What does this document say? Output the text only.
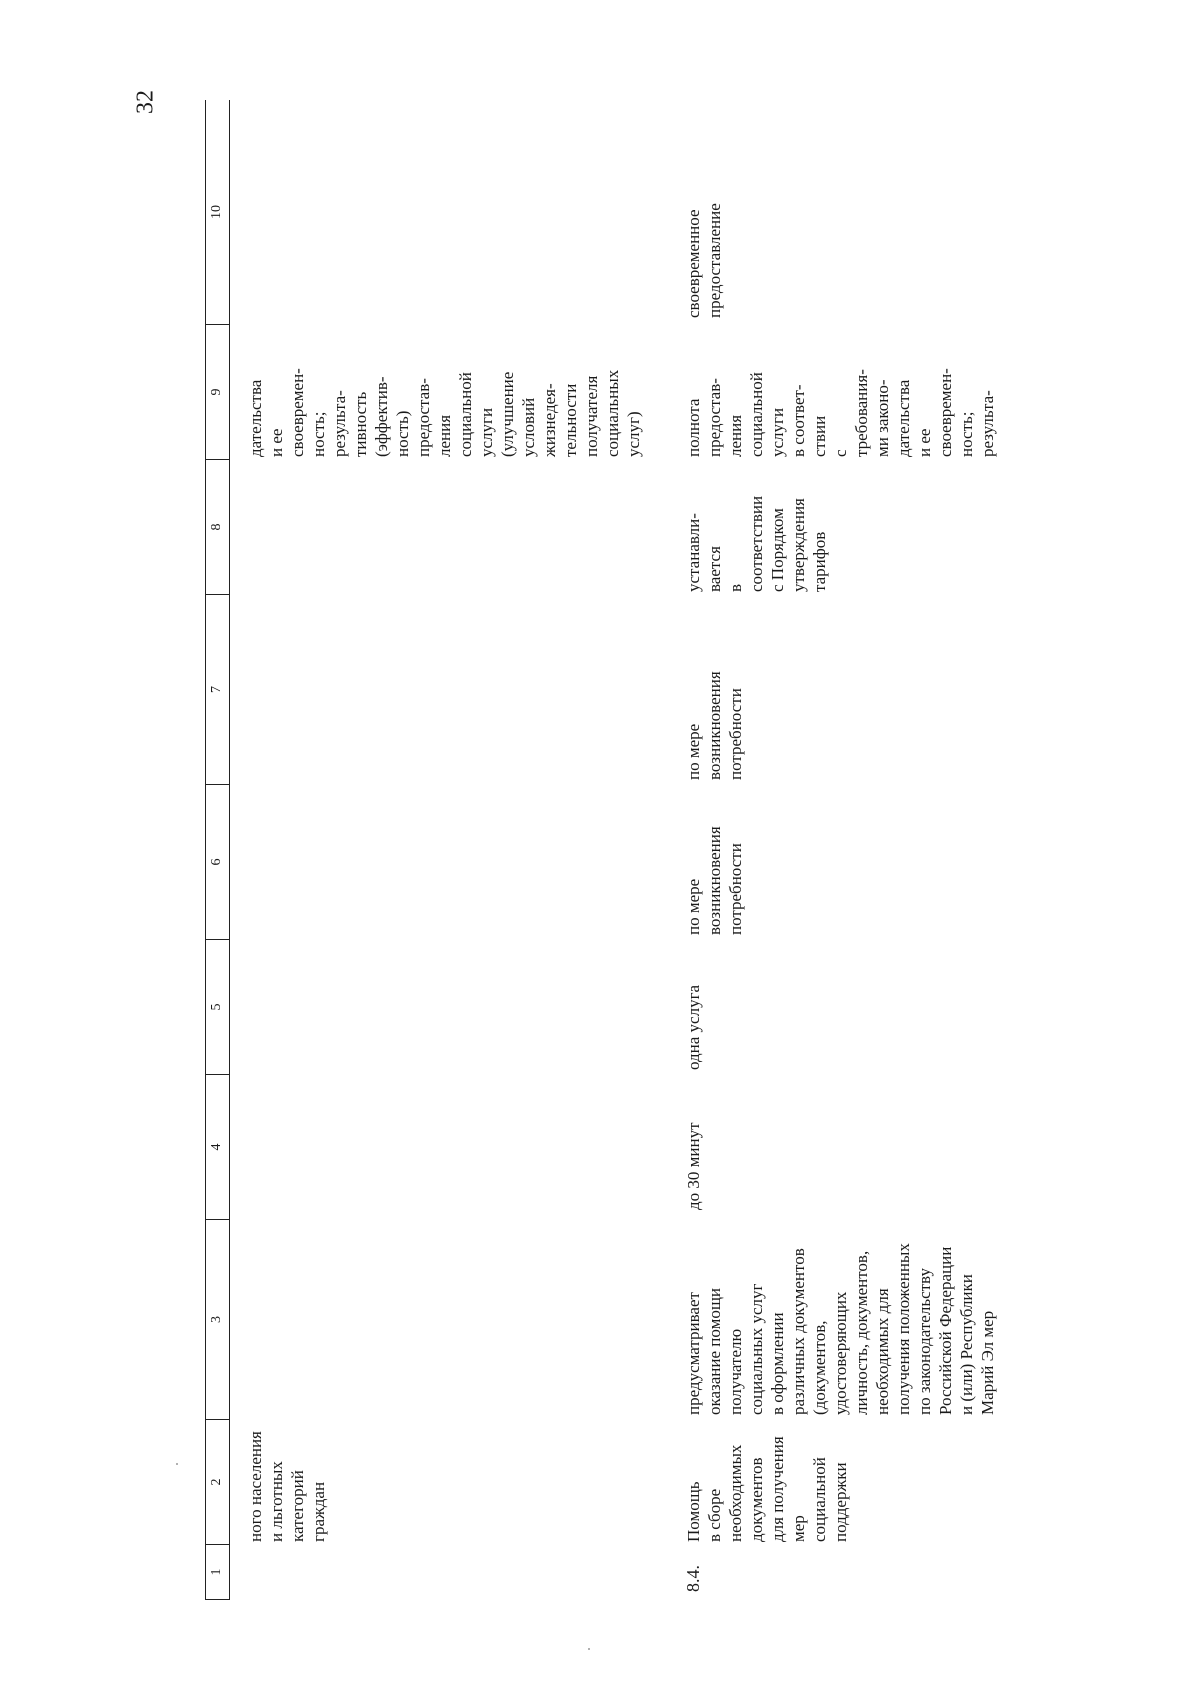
32
1
2
3
4
5
6
7
8
9
10
ного населения и льготных категорий граждан
дательства и ее своевремен- ность; результа- тивность (эффектив- ность) предостав- ления социальной услуги (улучшение условий жизнедея- тельности получателя социальных услуг)
8.4.
Помощь в сборе необходимых документов для получения мер социальной поддержки
предусматривает оказание помощи получателю социальных услуг в оформлении различных документов (документов, удостоверяющих личность, документов, необходимых для получения положенных по законодательству Российской Федерации и (или) Республики Марий Эл мер
до 30 минут
одна услуга
по мере возникновения потребности
по мере возникновения потребности
устанавли- вается в соответствии с Порядком утверждения тарифов
полнота предостав- ления социальной услуги в соответ- ствии с требования- ми законо- дательства и ее своевремен- ность; результа-
своевременное предоставление
